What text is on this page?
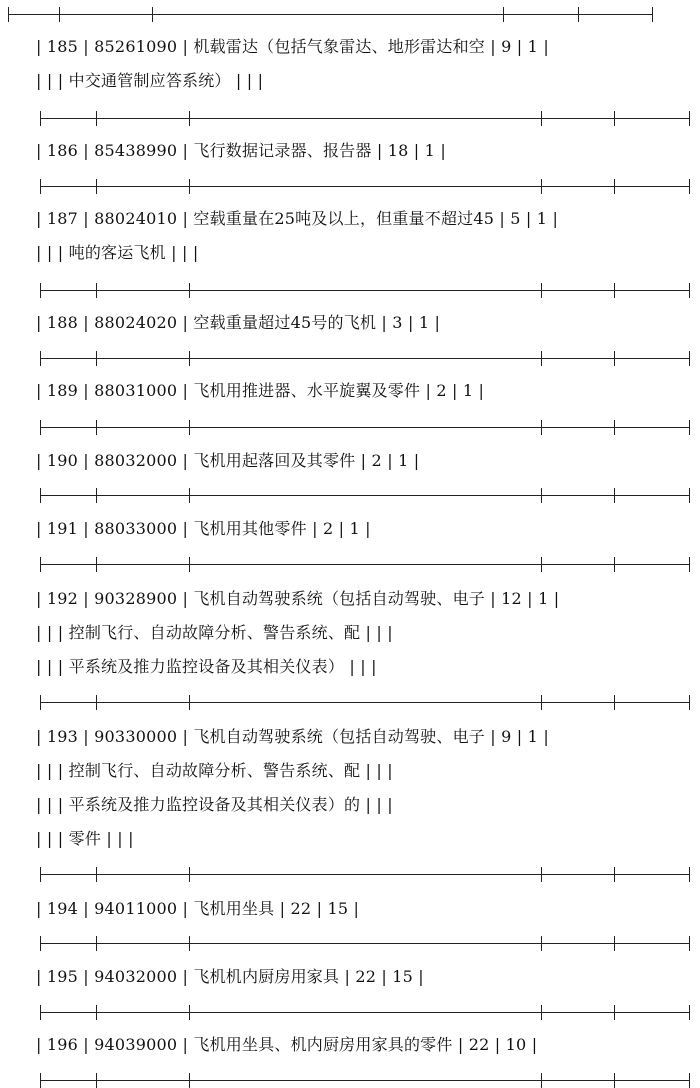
| 185 | 85261090 | 机载雷达（包括气象雷达、地形雷达和空 | 9 | 1 |
| | | 中交通管制应答系统） | | |
| 186 | 85438990 | 飞行数据记录器、报告器 | 18 | 1 |
| 187 | 88024010 | 空载重量在25吨及以上，但重量不超过45 | 5 | 1 |
| | | 吨的客运飞机 | | |
| 188 | 88024020 | 空载重量超过45号的飞机 | 3 | 1 |
| 189 | 88031000 | 飞机用推进器、水平旋翼及零件 | 2 | 1 |
| 190 | 88032000 | 飞机用起落回及其零件 | 2 | 1 |
| 191 | 88033000 | 飞机用其他零件 | 2 | 1 |
| 192 | 90328900 | 飞机自动驾驶系统（包括自动驾驶、电子 | 12 | 1 |
| | | 控制飞行、自动故障分析、警告系统、配 | | |
| | | 平系统及推力监控设备及其相关仪表） | | |
| 193 | 90330000 | 飞机自动驾驶系统（包括自动驾驶、电子 | 9 | 1 |
| | | 控制飞行、自动故障分析、警告系统、配 | | |
| | | 平系统及推力监控设备及其相关仪表）的 | | |
| | | 零件 | | |
| 194 | 94011000 | 飞机用坐具 | 22 | 15 |
| 195 | 94032000 | 飞机机内厨房用家具 | 22 | 15 |
| 196 | 94039000 | 飞机用坐具、机内厨房用家具的零件 | 22 | 10 |
